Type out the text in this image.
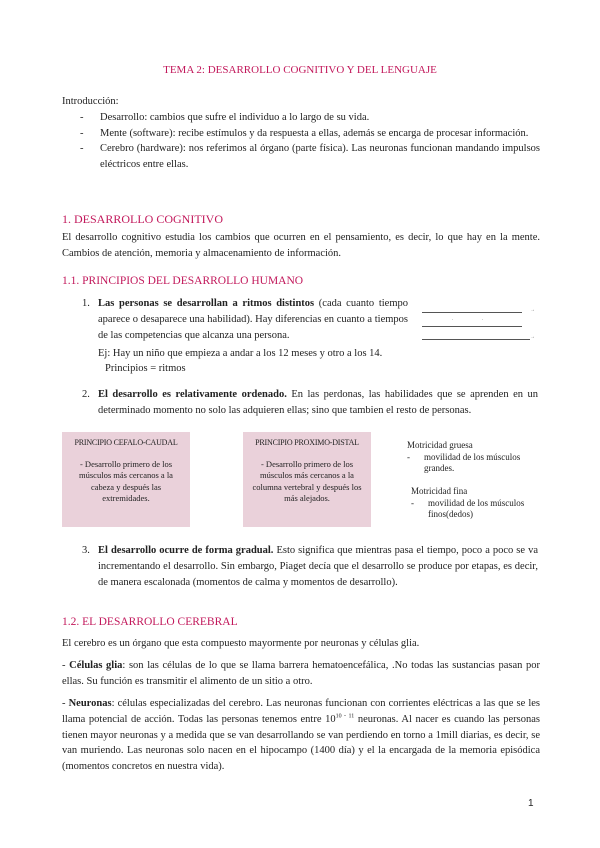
TEMA 2: DESARROLLO COGNITIVO Y DEL LENGUAJE
Introducción:
- Desarrollo: cambios que sufre el individuo a lo largo de su vida.
- Mente (software): recibe estímulos y da respuesta a ellas, además se encarga de procesar información.
- Cerebro (hardware): nos referimos al órgano (parte física). Las neuronas funcionan mandando impulsos eléctricos entre ellas.
1. DESARROLLO COGNITIVO
El desarrollo cognitivo estudia los cambios que ocurren en el pensamiento, es decir, lo que hay en la mente. Cambios de atención, memoria y almacenamiento de información.
1.1. PRINCIPIOS DEL DESARROLLO HUMANO
1. Las personas se desarrollan a ritmos distintos (cada cuanto tiempo aparece o desaparece una habilidad). Hay diferencias en cuanto a tiempos de las competencias que alcanza una persona.
Ej: Hay un niño que empieza a andar a los 12 meses y otro a los 14.
Principios = ritmos
→
.	.
→
2. El desarrollo es relativamente ordenado. En las perdonas, las habilidades que se aprenden en un determinado momento no solo las adquieren ellas; sino que tambien el resto de personas.
PRINCIPIO CEFALO-CAUDAL
- Desarrollo primero de los músculos más cercanos a la cabeza y después las extremidades.
PRINCIPIO PROXIMO-DISTAL
- Desarrollo primero de los músculos más cercanos a la columna vertebral y después los más alejados.
Motricidad gruesa
- movilidad de los músculos grandes.
Motricidad fina
- movilidad de los músculos finos(dedos)
3. El desarrollo ocurre de forma gradual. Esto significa que mientras pasa el tiempo, poco a poco se va incrementando el desarrollo. Sin embargo, Piaget decía que el desarrollo se produce por etapas, es decir, de manera escalonada (momentos de calma y momentos de desarrollo).
1.2. EL DESARROLLO CEREBRAL
El cerebro es un órgano que esta compuesto mayormente por neuronas y células glia.
- Células glia: son las células de lo que se llama barrera hematoencefálica, .No todas las sustancias pasan por ellas. Su función es transmitir el alimento de un sitio a otro.
- Neuronas: células especializadas del cerebro. Las neuronas funcionan con corrientes eléctricas a las que se les llama potencial de acción. Todas las personas tenemos entre 10$^{10 - 11}$ neuronas. Al nacer es cuando las personas tienen mayor neuronas y a medida que se van desarrollando se van perdiendo en torno a 1mill diarias, es decir, se van muriendo. Las neuronas solo nacen en el hipocampo (1400 día) y el la encargada de la memoria episódica (momentos concretos en nuestra vida).
1
